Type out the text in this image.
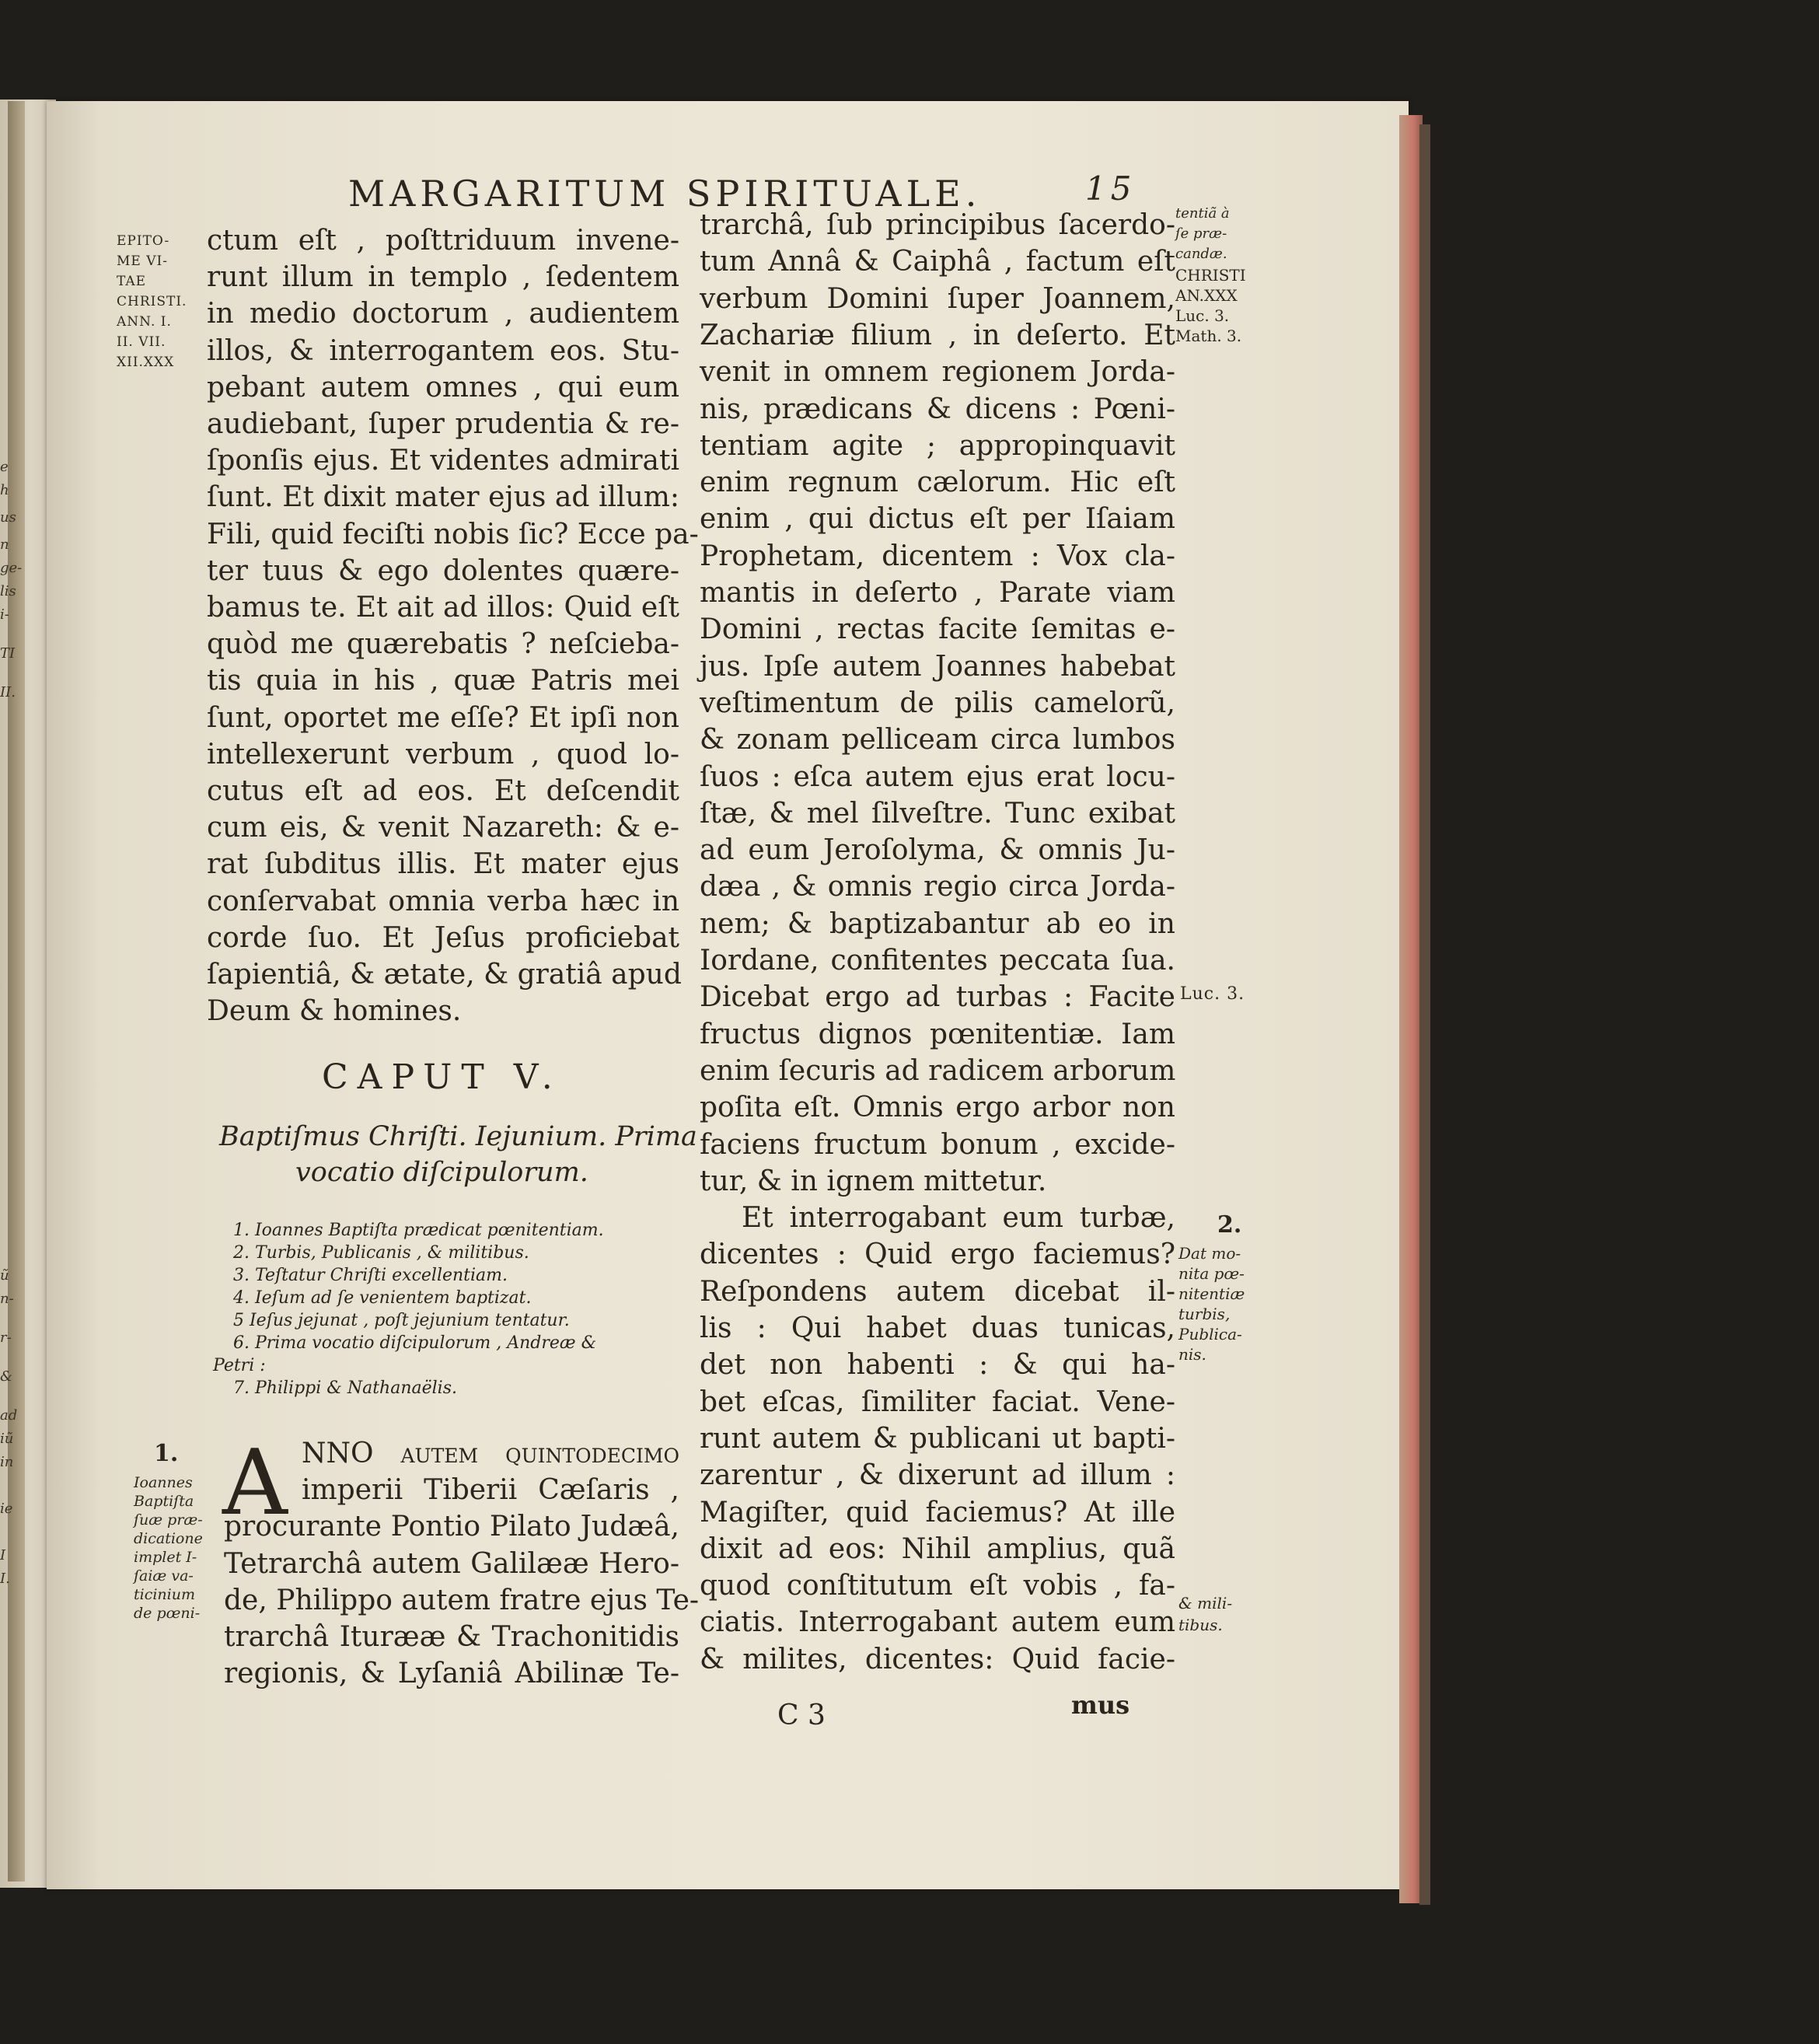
e
h
us
n
ge-
lis
i-
TI
II.
ũ
n-
r-
&
ad
iũ
in
ie
I
I.
MARGARITUM SPIRITUALE.	15
ctum eſt , poſttriduum invene-
runt illum in templo , ſedentem
in medio doctorum , audientem
illos, & interrogantem eos. Stu-
pebant autem omnes , qui eum
audiebant, ſuper prudentia & re-
ſponſis ejus. Et videntes admirati
ſunt. Et dixit mater ejus ad illum:
Fili, quid feciſti nobis ſic? Ecce pa-
ter tuus & ego dolentes quære-
bamus te. Et ait ad illos: Quid eſt
quòd me quærebatis ? neſcieba-
tis quia in his , quæ Patris mei
ſunt, oportet me eſſe? Et ipſi non
intellexerunt verbum , quod lo-
cutus eſt ad eos. Et deſcendit
cum eis, & venit Nazareth: & e-
rat ſubditus illis. Et mater ejus
conſervabat omnia verba hæc in
corde ſuo. Et Jeſus proficiebat
ſapientiâ, & ætate, & gratiâ apud
Deum & homines.
EPITO-
ME VI-
TAE
CHRISTI.
ANN. I.
II. VII.
XII.XXX
CAPUT V.
Baptiſmus Chriſti. Iejunium. Prima
vocatio diſcipulorum.
1. Ioannes Baptiſta prædicat pœnitentiam.
2. Turbis, Publicanis , & militibus.
3. Teſtatur Chriſti excellentiam.
4. Ieſum ad ſe venientem baptizat.
5 Ieſus jejunat , poſt jejunium tentatur.
6. Prima vocatio diſcipulorum , Andreæ &
Petri :
7. Philippi & Nathanaëlis.
1. A NNO autem quintodecimo
imperii Tiberii Cæſaris ,
procurante Pontio Pilato Judæâ,
Tetrarchâ autem Galilææ Hero-
de, Philippo autem fratre ejus Te-
trarchâ Iturææ & Trachonitidis
regionis, & Lyſaniâ Abilinæ Te-
Ioannes
Baptiſta
ſuæ præ-
dicatione
implet I-
ſaiæ va-
ticinium
de pœni-
trarchâ, ſub principibus ſacerdo-
tum Annâ & Caiphâ , factum eſt
verbum Domini ſuper Joannem,
Zachariæ filium , in deſerto. Et
venit in omnem regionem Jorda-
nis, prædicans & dicens : Pœni-
tentiam agite ; appropinquavit
enim regnum cælorum. Hic eſt
enim , qui dictus eſt per Iſaiam
Prophetam, dicentem : Vox cla-
mantis in deſerto , Parate viam
Domini , rectas facite ſemitas e-
jus. Ipſe autem Joannes habebat
veſtimentum de pilis camelorũ,
& zonam pelliceam circa lumbos
ſuos : eſca autem ejus erat locu-
ſtæ, & mel ſilveſtre. Tunc exibat
ad eum Jeroſolyma, & omnis Ju-
dæa , & omnis regio circa Jorda-
nem; & baptizabantur ab eo in
Iordane, confitentes peccata ſua.
Dicebat ergo ad turbas : Facite
fructus dignos pœnitentiæ. Iam
enim ſecuris ad radicem arborum
poſita eſt. Omnis ergo arbor non
faciens fructum bonum , excide-
tur, & in ignem mittetur.
Et interrogabant eum turbæ,
dicentes : Quid ergo faciemus?
Reſpondens autem dicebat il-
lis : Qui habet duas tunicas,
det non habenti : & qui ha-
bet eſcas, ſimiliter faciat. Vene-
runt autem & publicani ut bapti-
zarentur , & dixerunt ad illum :
Magiſter, quid faciemus? At ille
dixit ad eos: Nihil amplius, quã
quod conſtitutum eſt vobis , fa-
ciatis. Interrogabant autem eum
& milites, dicentes: Quid facie-
tentiã à
ſe præ-
candæ.
CHRISTI
AN.XXX
Luc. 3.
Math. 3.
Luc. 3.
2.
Dat mo-
nita pœ-
nitentiæ
turbis,
Publica-
nis.
& mili-
tibus.
C 3	mus
